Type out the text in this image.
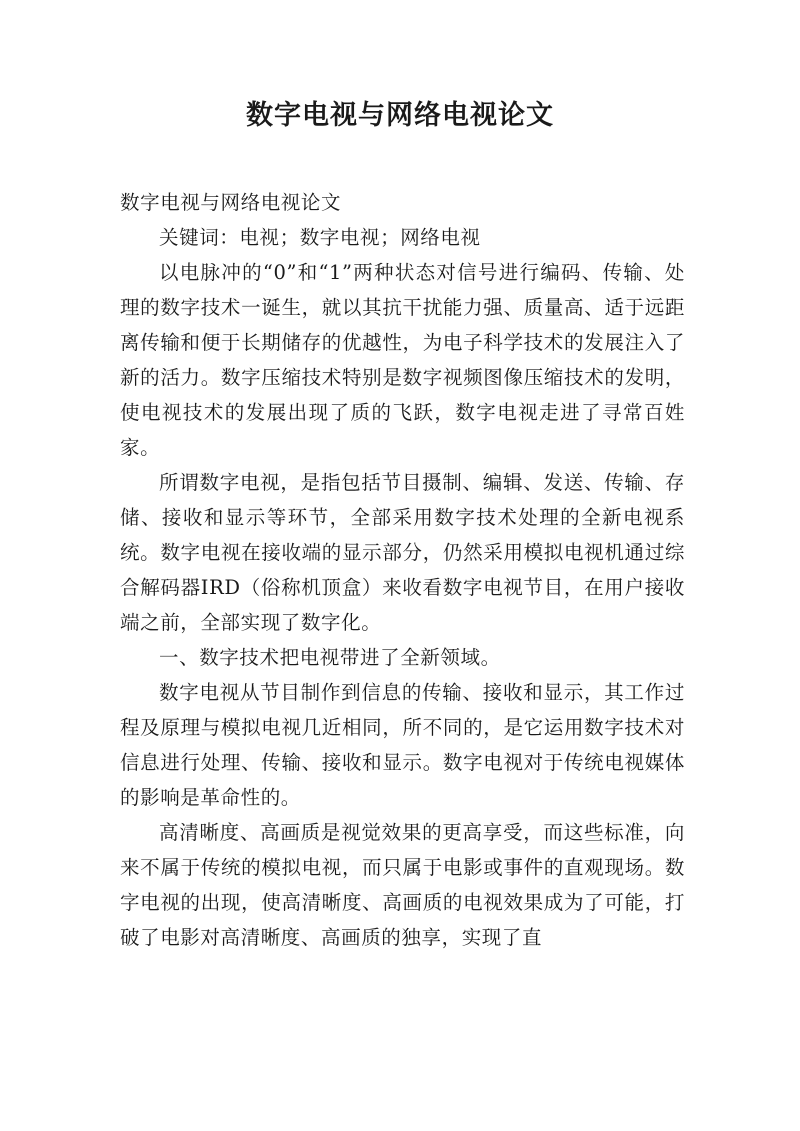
数字电视与网络电视论文

数字电视与网络电视论文

关键词：电视；数字电视；网络电视

以电脉冲的“0”和“1”两种状态对信号进行编码、传输、处理的数字技术一诞生，就以其抗干扰能力强、质量高、适于远距离传输和便于长期储存的优越性，为电子科学技术的发展注入了新的活力。数字压缩技术特别是数字视频图像压缩技术的发明，使电视技术的发展出现了质的飞跃，数字电视走进了寻常百姓家。

所谓数字电视，是指包括节目摄制、编辑、发送、传输、存储、接收和显示等环节，全部采用数字技术处理的全新电视系统。数字电视在接收端的显示部分，仍然采用模拟电视机通过综合解码器IRD（俗称机顶盒）来收看数字电视节目，在用户接收端之前，全部实现了数字化。

一、数字技术把电视带进了全新领域。

数字电视从节目制作到信息的传输、接收和显示，其工作过程及原理与模拟电视几近相同，所不同的，是它运用数字技术对信息进行处理、传输、接收和显示。数字电视对于传统电视媒体的影响是革命性的。

高清晰度、高画质是视觉效果的更高享受，而这些标准，向来不属于传统的模拟电视，而只属于电影或事件的直观现场。数字电视的出现，使高清晰度、高画质的电视效果成为了可能，打破了电影对高清晰度、高画质的独享，实现了直
